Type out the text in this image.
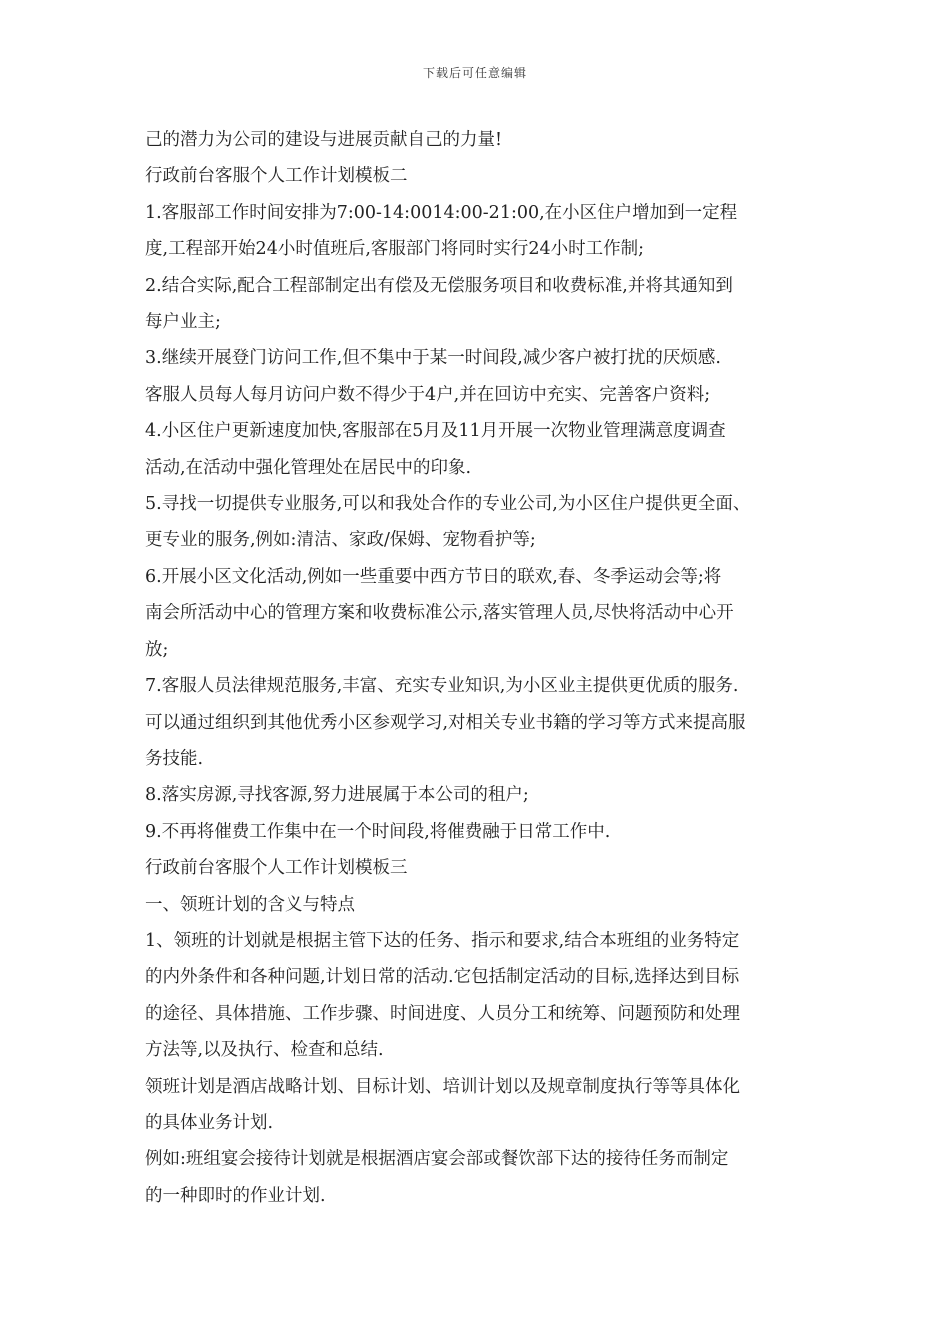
下载后可任意编辑
己的潜力为公司的建设与进展贡献自己的力量!
行政前台客服个人工作计划模板二
1.客服部工作时间安排为7:00-14:0014:00-21:00,在小区住户增加到一定程
度,工程部开始24小时值班后,客服部门将同时实行24小时工作制;
2.结合实际,配合工程部制定出有偿及无偿服务项目和收费标准,并将其通知到
每户业主;
3.继续开展登门访问工作,但不集中于某一时间段,减少客户被打扰的厌烦感.
客服人员每人每月访问户数不得少于4户,并在回访中充实、完善客户资料;
4.小区住户更新速度加快,客服部在5月及11月开展一次物业管理满意度调查
活动,在活动中强化管理处在居民中的印象.
5.寻找一切提供专业服务,可以和我处合作的专业公司,为小区住户提供更全面、
更专业的服务,例如:清洁、家政/保姆、宠物看护等;
6.开展小区文化活动,例如一些重要中西方节日的联欢,春、冬季运动会等;将
南会所活动中心的管理方案和收费标准公示,落实管理人员,尽快将活动中心开
放;
7.客服人员法律规范服务,丰富、充实专业知识,为小区业主提供更优质的服务.
可以通过组织到其他优秀小区参观学习,对相关专业书籍的学习等方式来提高服
务技能.
8.落实房源,寻找客源,努力进展属于本公司的租户;
9.不再将催费工作集中在一个时间段,将催费融于日常工作中.
行政前台客服个人工作计划模板三
一、领班计划的含义与特点
1、领班的计划就是根据主管下达的任务、指示和要求,结合本班组的业务特定
的内外条件和各种问题,计划日常的活动.它包括制定活动的目标,选择达到目标
的途径、具体措施、工作步骤、时间进度、人员分工和统筹、问题预防和处理
方法等,以及执行、检查和总结.
领班计划是酒店战略计划、目标计划、培训计划以及规章制度执行等等具体化
的具体业务计划.
例如:班组宴会接待计划就是根据酒店宴会部或餐饮部下达的接待任务而制定
的一种即时的作业计划.
